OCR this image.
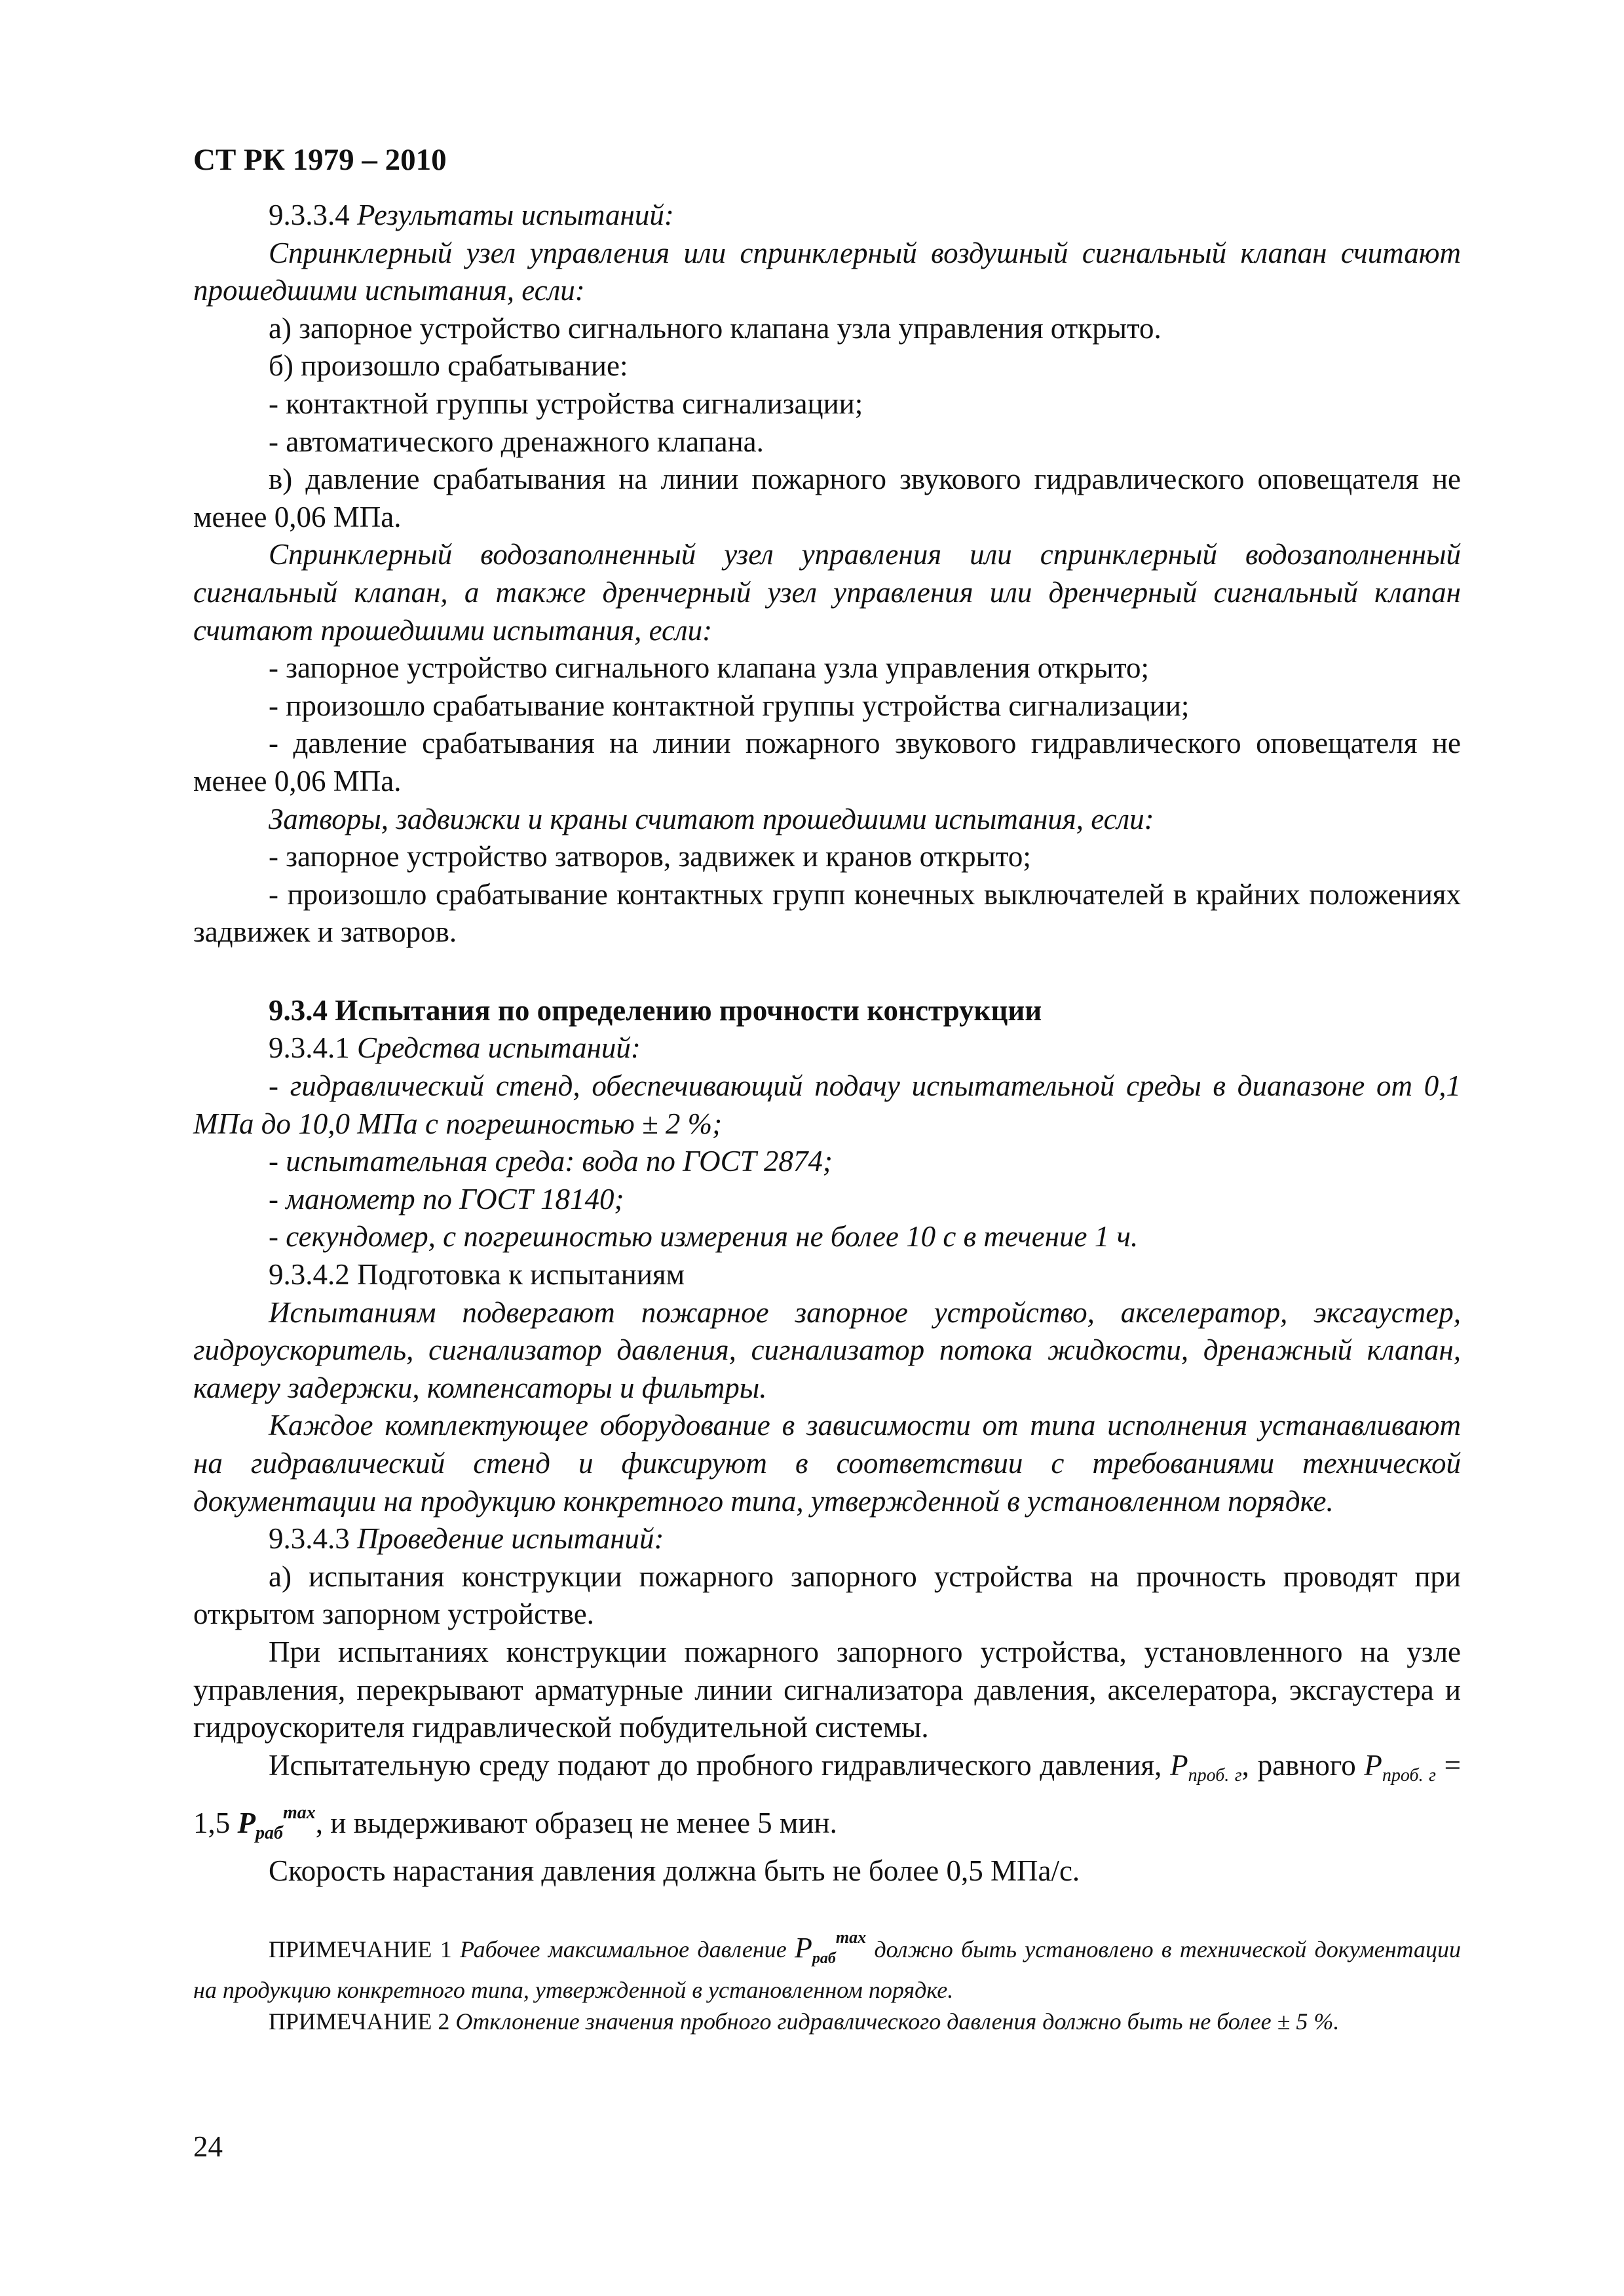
СТ РК 1979 – 2010

9.3.3.4 Результаты испытаний:

Спринклерный узел управления или спринклерный воздушный сигнальный клапан считают прошедшими испытания, если:

а) запорное устройство сигнального клапана узла управления открыто.

б) произошло срабатывание:

- контактной группы устройства сигнализации;

- автоматического дренажного клапана.

в) давление срабатывания на линии пожарного звукового гидравлического оповещателя не менее 0,06 МПа.

Спринклерный водозаполненный узел управления или спринклерный водозаполненный сигнальный клапан, а также дренчерный узел управления или дренчерный сигнальный клапан считают прошедшими испытания, если:

- запорное устройство сигнального клапана узла управления открыто;

- произошло срабатывание контактной группы устройства сигнализации;

- давление срабатывания на линии пожарного звукового гидравлического оповещателя не менее 0,06 МПа.

Затворы, задвижки и краны считают прошедшими испытания, если:

- запорное устройство затворов, задвижек и кранов открыто;

- произошло срабатывание контактных групп конечных выключателей в крайних положениях задвижек и затворов.

9.3.4 Испытания по определению прочности конструкции

9.3.4.1 Средства испытаний:

- гидравлический стенд, обеспечивающий подачу испытательной среды в диапазоне от 0,1 МПа до 10,0 МПа с погрешностью ± 2 %;

- испытательная среда: вода по ГОСТ 2874;

- манометр по ГОСТ 18140;

- секундомер, с погрешностью измерения не более 10 с в течение 1 ч.

9.3.4.2 Подготовка к испытаниям

Испытаниям подвергают пожарное запорное устройство, акселератор, эксгаустер, гидроускоритель, сигнализатор давления, сигнализатор потока жидкости, дренажный клапан, камеру задержки, компенсаторы и фильтры.

Каждое комплектующее оборудование в зависимости от типа исполнения устанавливают на гидравлический стенд и фиксируют в соответствии с требованиями технической документации на продукцию конкретного типа, утвержденной в установленном порядке.

9.3.4.3 Проведение испытаний:

а) испытания конструкции пожарного запорного устройства на прочность проводят при открытом запорном устройстве.

При испытаниях конструкции пожарного запорного устройства, установленного на узле управления, перекрывают арматурные линии сигнализатора давления, акселератора, эксгаустера и гидроускорителя гидравлической побудительной системы.

Испытательную среду подают до пробного гидравлического давления, $P_{проб. г}$, равного $P_{проб. г} = 1,5$ $P_{раб}^{max}$, и выдерживают образец не менее 5 мин.

Скорость нарастания давления должна быть не более 0,5 МПа/с.

ПРИМЕЧАНИЕ 1 Рабочее максимальное давление $P_{раб}^{max}$ должно быть установлено в технической документации на продукцию конкретного типа, утвержденной в установленном порядке.

ПРИМЕЧАНИЕ 2 Отклонение значения пробного гидравлического давления должно быть не более ± 5 %.

24
